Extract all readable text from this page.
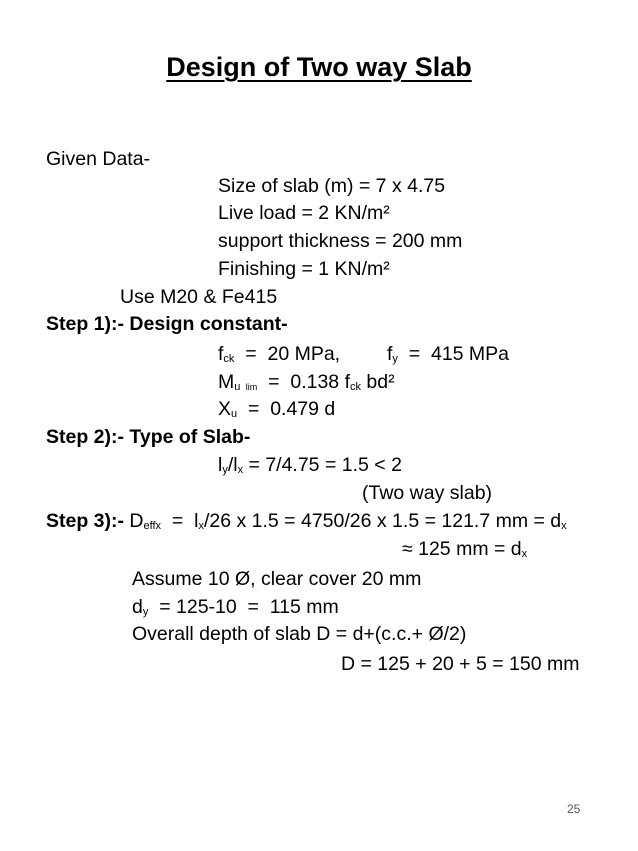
Design of Two way Slab
Given Data-
Size of slab (m) = 7 x 4.75
Live load = 2 KN/m²
support thickness = 200 mm
Finishing = 1 KN/m²
Use M20 & Fe415
Step 1):- Design constant-
$f_{ck} = 20$ MPa, $f_y = 415$ MPa
$M_u$ $_{lim}$  =  0.138 $f_{ck}$ bd²
$X_u = 0.479$ d
Step 2):- Type of Slab-
$l_y/l_x = 7/4.75 = 1.5 < 2$
(Two way slab)
Step 3):- $D_{effx} = l_x/26$ x 1.5 = 4750/26 x 1.5 = 121.7 mm = $d_x$
≈ 125 mm = $d_x$
Assume 10 Ø, clear cover 20 mm
$d_y = 125-10 = 115$ mm
Overall depth of slab D = d+(c.c.+ Ø/2)
D = 125 + 20 + 5 = 150 mm
25
